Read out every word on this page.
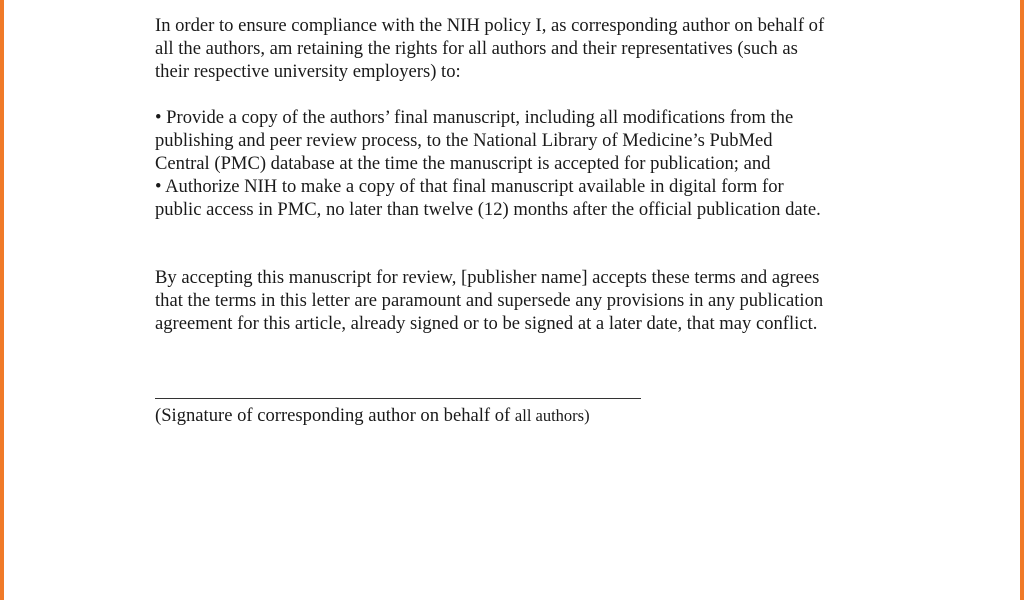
In order to ensure compliance with the NIH policy I, as corresponding author on behalf of
all the authors, am retaining the rights for all authors and their representatives (such as
their respective university employers) to:

• Provide a copy of the authors’ final manuscript, including all modifications from the
publishing and peer review process, to the National Library of Medicine’s PubMed
Central (PMC) database at the time the manuscript is accepted for publication; and

• Authorize NIH to make a copy of that final manuscript available in digital form for
public access in PMC, no later than twelve (12) months after the official publication date.

By accepting this manuscript for review, [publisher name] accepts these terms and agrees
that the terms in this letter are paramount and supersede any provisions in any publication
agreement for this article, already signed or to be signed at a later date, that may conflict.

(Signature of corresponding author on behalf of all authors)
